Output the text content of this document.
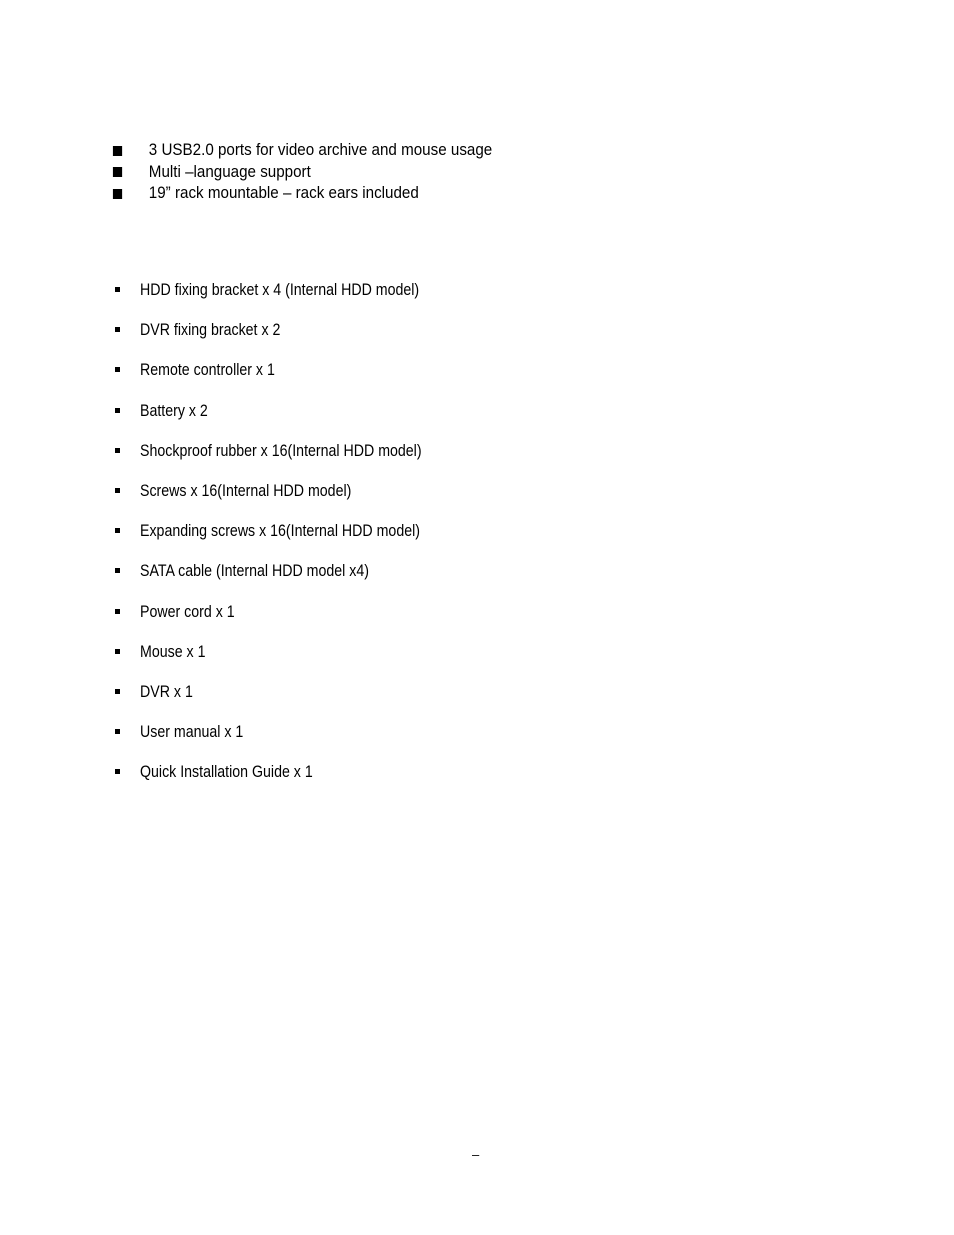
3 USB2.0 ports for video archive and mouse usage
Multi –language support
19” rack mountable – rack ears included
HDD fixing bracket x 4 (Internal HDD model)
DVR fixing bracket x 2
Remote controller x 1
Battery x 2
Shockproof rubber x 16(Internal HDD model)
Screws x 16(Internal HDD model)
Expanding screws x 16(Internal HDD model)
SATA cable (Internal HDD model x4)
Power cord x 1
Mouse x 1
DVR x 1
User manual x 1
Quick Installation Guide x 1
–
